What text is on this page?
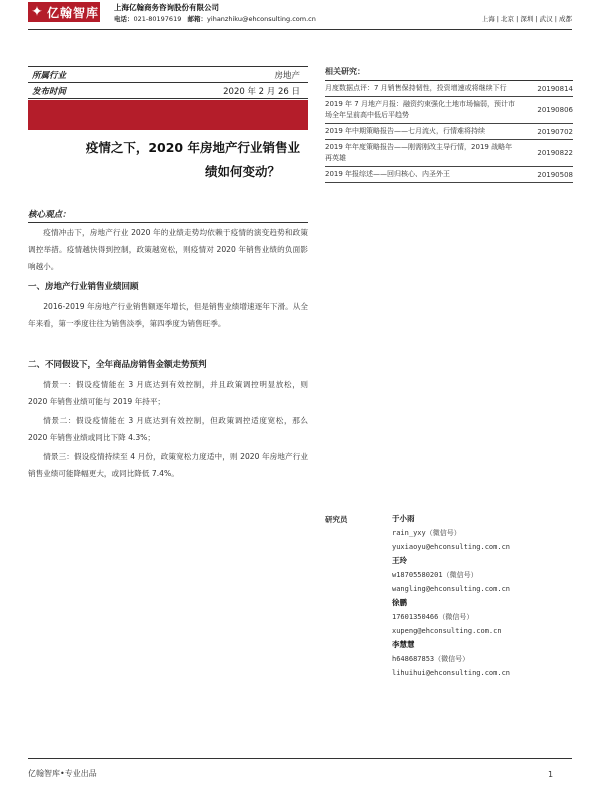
✦ 亿翰智库 上海亿翰商务咨询股份有限公司
电话：021-80197619 邮箱：yihanzhiku@ehconsulting.com.cn	上海 | 北京 | 深圳 | 武汉 | 成都
所属行业	房地产
发布时间	2020 年 2 月 26 日
疫情之下，2020 年房地产行业销售业
绩如何变动？
相关研究：
月度数据点评：7 月销售保持韧性，投资增速或将继续下行	20190814
2019 年 7 月地产月报：融资约束强化土地市场偏弱，预计市场全年呈前高中低后平趋势
20190806
2019 年中期策略报告——七月流火，行情难将持续	20190702
2019 年年度策略报告——刚需刚改主导行情，2019 战略年再英雄
20190822
2019 年报综述——回归核心、内圣外王	20190508
核心观点：
疫情冲击下，房地产行业 2020 年的业绩走势均依赖于疫情的演变趋势和政策调控举措。疫情越快得到控制，政策越宽松，则疫情对 2020 年销售业绩的负面影响越小。
一、房地产行业销售业绩回顾
2016-2019 年房地产行业销售额逐年增长，但是销售业绩增速逐年下滑。从全年来看，第一季度往往为销售淡季，第四季度为销售旺季。
二、不同假设下，全年商品房销售金额走势预判
情景一：假设疫情能在 3 月底达到有效控制，并且政策调控明显放松，则 2020 年销售业绩可能与 2019 年持平；
情景二：假设疫情能在 3 月底达到有效控制，但政策调控适度宽松，那么 2020 年销售业绩或同比下降 4.3%；
情景三：假设疫情持续至 4 月份，政策宽松力度适中，则 2020 年房地产行业销售业绩可能降幅更大，或同比降低 7.4%。
研究员	于小雨
rain_yxy（微信号）
yuxiaoyu@ehconsulting.com.cn
王玲
w18705580201（微信号）
wangling@ehconsulting.com.cn
徐鹏
17601350466（微信号）
xupeng@ehconsulting.com.cn
李慧慧
h648687853（微信号）
lihuihui@ehconsulting.com.cn
亿翰智库•专业出品	1
